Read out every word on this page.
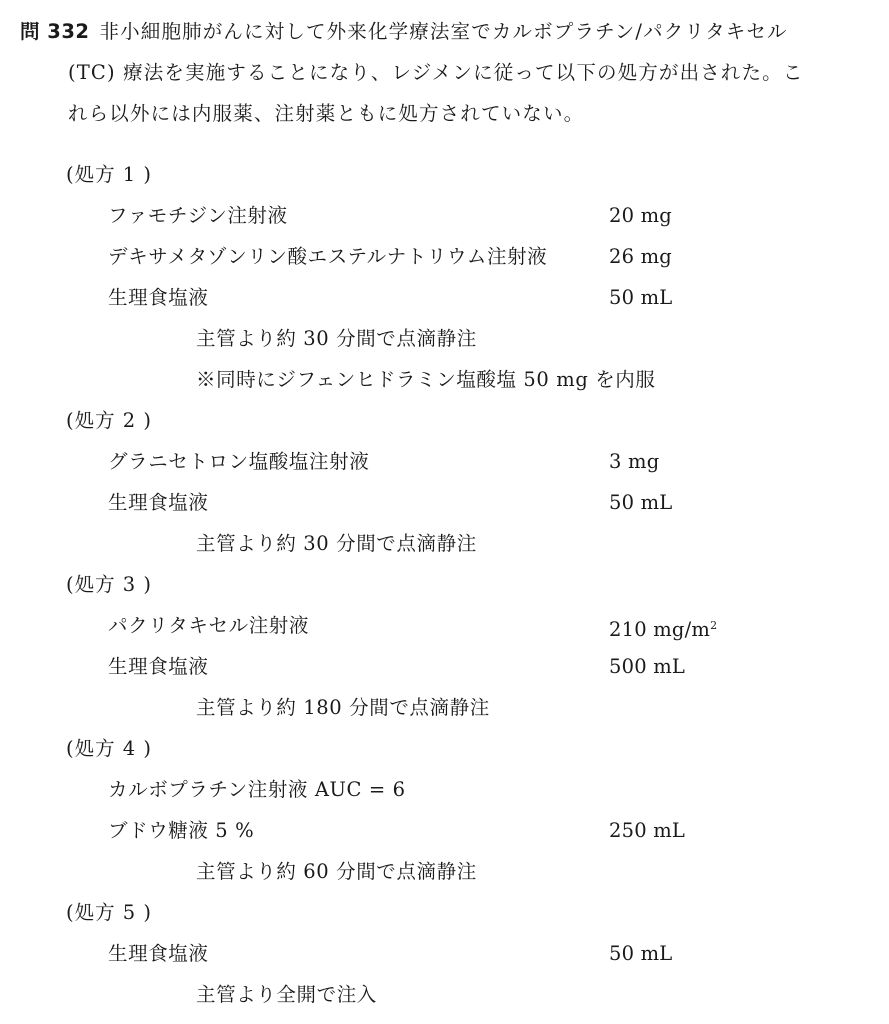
問 332 非小細胞肺がんに対して外来化学療法室でカルボプラチン/パクリタキセル
(TC) 療法を実施することになり、レジメンに従って以下の処方が出された。こ
れら以外には内服薬、注射薬ともに処方されていない。
(処方 1 )
ファモチジン注射液	20 mg
デキサメタゾンリン酸エステルナトリウム注射液	26 mg
生理食塩液	50 mL
主管より約 30 分間で点滴静注
※同時にジフェンヒドラミン塩酸塩 50 mg を内服
(処方 2 )
グラニセトロン塩酸塩注射液	3 mg
生理食塩液	50 mL
主管より約 30 分間で点滴静注
(処方 3 )
パクリタキセル注射液	210 $mg/m^2$
生理食塩液	500 mL
主管より約 180 分間で点滴静注
(処方 4 )
カルボプラチン注射液 AUC = 6
ブドウ糖液 5 %	250 mL
主管より約 60 分間で点滴静注
(処方 5 )
生理食塩液	50 mL
主管より全開で注入
